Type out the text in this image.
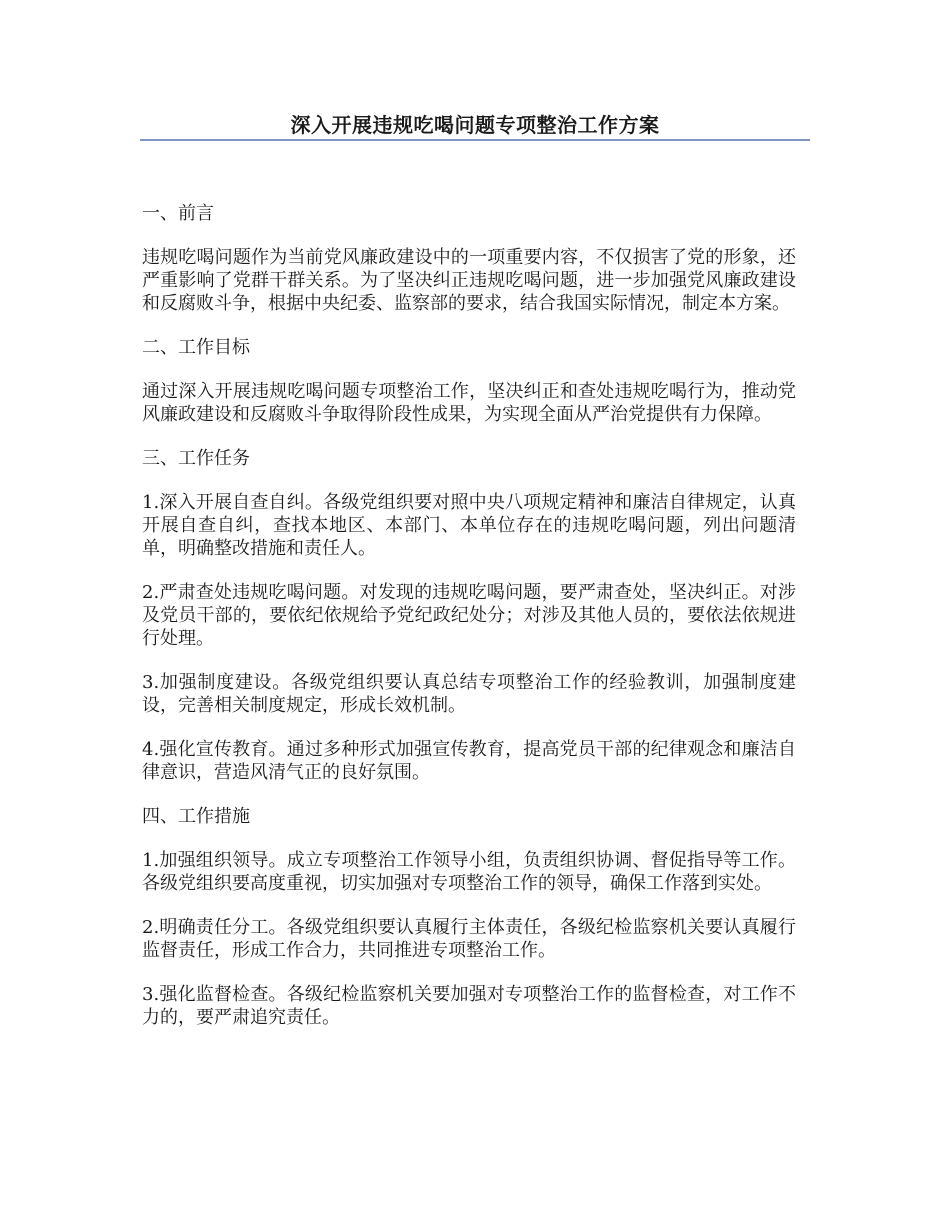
深入开展违规吃喝问题专项整治工作方案
一、前言

违规吃喝问题作为当前党风廉政建设中的一项重要内容，不仅损害了党的形象，还严重影响了党群干群关系。为了坚决纠正违规吃喝问题，进一步加强党风廉政建设和反腐败斗争，根据中央纪委、监察部的要求，结合我国实际情况，制定本方案。

二、工作目标

通过深入开展违规吃喝问题专项整治工作，坚决纠正和查处违规吃喝行为，推动党风廉政建设和反腐败斗争取得阶段性成果，为实现全面从严治党提供有力保障。

三、工作任务

1.深入开展自查自纠。各级党组织要对照中央八项规定精神和廉洁自律规定，认真开展自查自纠，查找本地区、本部门、本单位存在的违规吃喝问题，列出问题清单，明确整改措施和责任人。

2.严肃查处违规吃喝问题。对发现的违规吃喝问题，要严肃查处，坚决纠正。对涉及党员干部的，要依纪依规给予党纪政纪处分；对涉及其他人员的，要依法依规进行处理。

3.加强制度建设。各级党组织要认真总结专项整治工作的经验教训，加强制度建设，完善相关制度规定，形成长效机制。

4.强化宣传教育。通过多种形式加强宣传教育，提高党员干部的纪律观念和廉洁自律意识，营造风清气正的良好氛围。

四、工作措施

1.加强组织领导。成立专项整治工作领导小组，负责组织协调、督促指导等工作。各级党组织要高度重视，切实加强对专项整治工作的领导，确保工作落到实处。

2.明确责任分工。各级党组织要认真履行主体责任，各级纪检监察机关要认真履行监督责任，形成工作合力，共同推进专项整治工作。

3.强化监督检查。各级纪检监察机关要加强对专项整治工作的监督检查，对工作不力的，要严肃追究责任。
